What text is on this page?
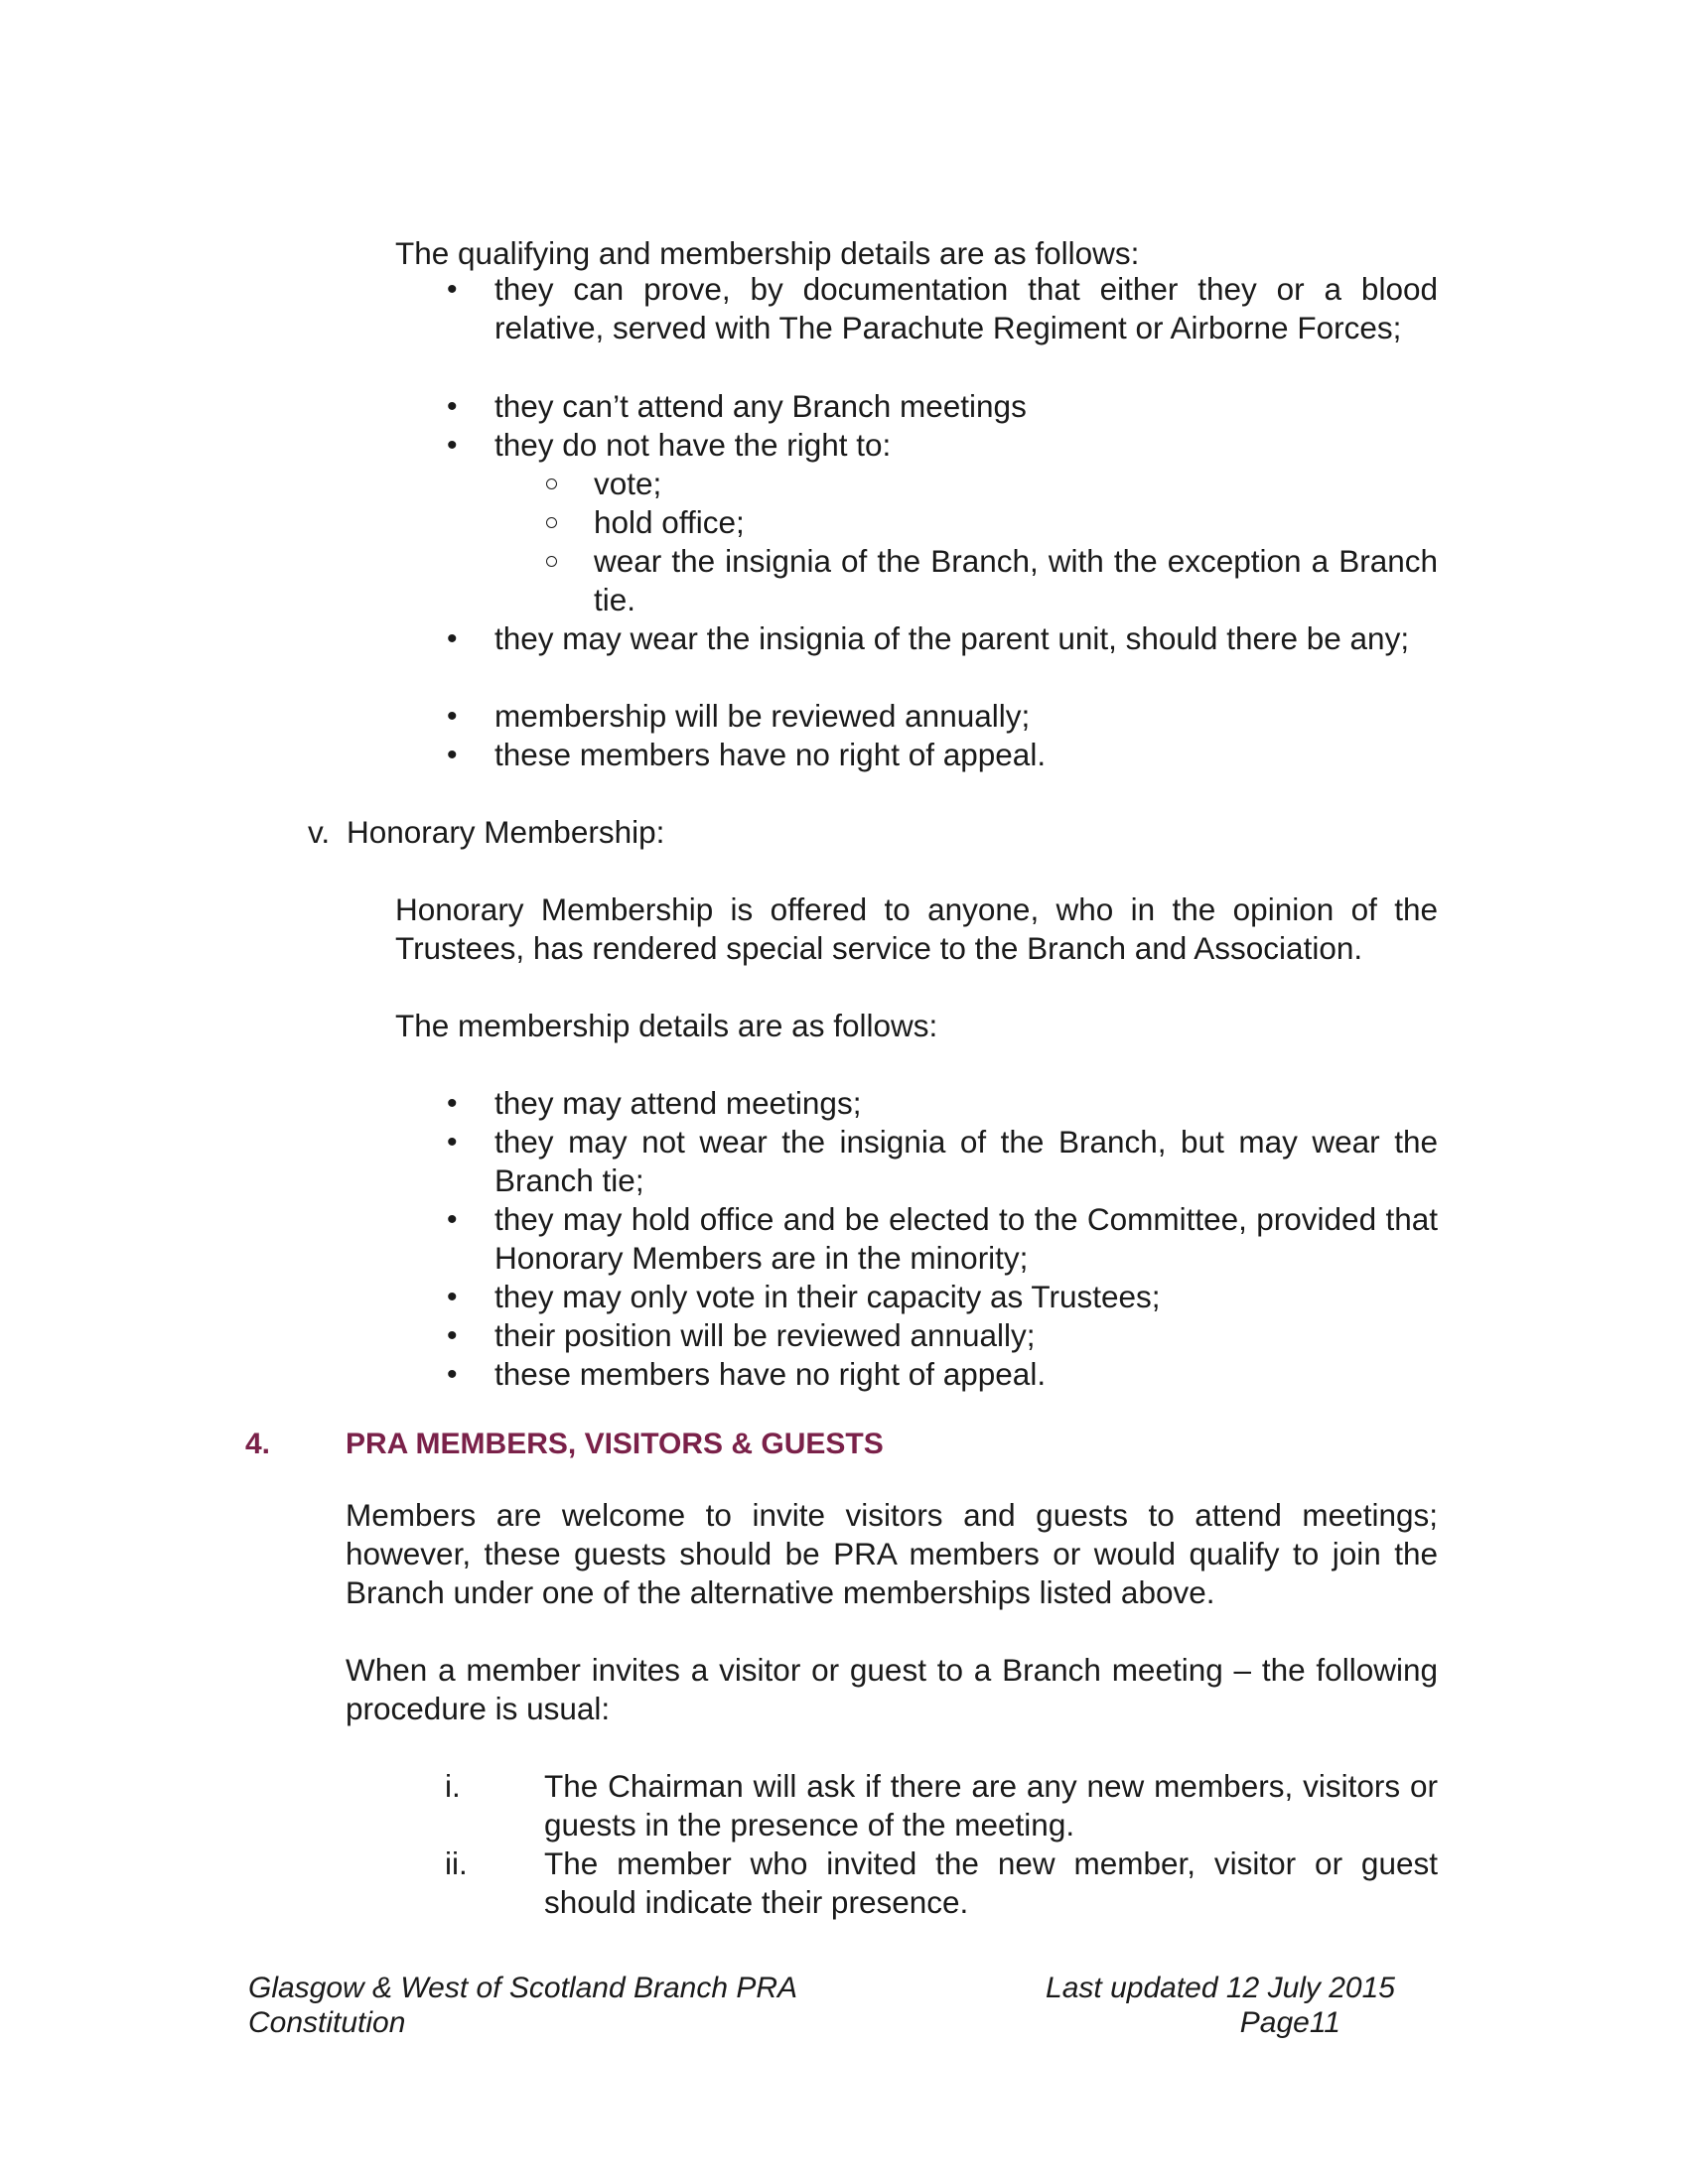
The qualifying and membership details are as follows:
• they can prove, by documentation that either they or a blood relative, served with The Parachute Regiment or Airborne Forces;
• they can’t attend any Branch meetings
• they do not have the right to:
vote;
hold office;
wear the insignia of the Branch, with the exception a Branch tie.
• they may wear the insignia of the parent unit, should there be any;
• membership will be reviewed annually;
• these members have no right of appeal.
v. Honorary Membership:
Honorary Membership is offered to anyone, who in the opinion of the Trustees, has rendered special service to the Branch and Association.
The membership details are as follows:
• they may attend meetings;
• they may not wear the insignia of the Branch, but may wear the Branch tie;
• they may hold office and be elected to the Committee, provided that Honorary Members are in the minority;
• they may only vote in their capacity as Trustees;
• their position will be reviewed annually;
• these members have no right of appeal.
4.	PRA MEMBERS, VISITORS & GUESTS
Members are welcome to invite visitors and guests to attend meetings; however, these guests should be PRA members or would qualify to join the Branch under one of the alternative memberships listed above.
When a member invites a visitor or guest to a Branch meeting – the following procedure is usual:
i.	The Chairman will ask if there are any new members, visitors or guests in the presence of the meeting.
ii. The member who invited the new member, visitor or guest should indicate their presence.
Glasgow & West of Scotland Branch PRA
Constitution
Last updated 12 July 2015
Page11
